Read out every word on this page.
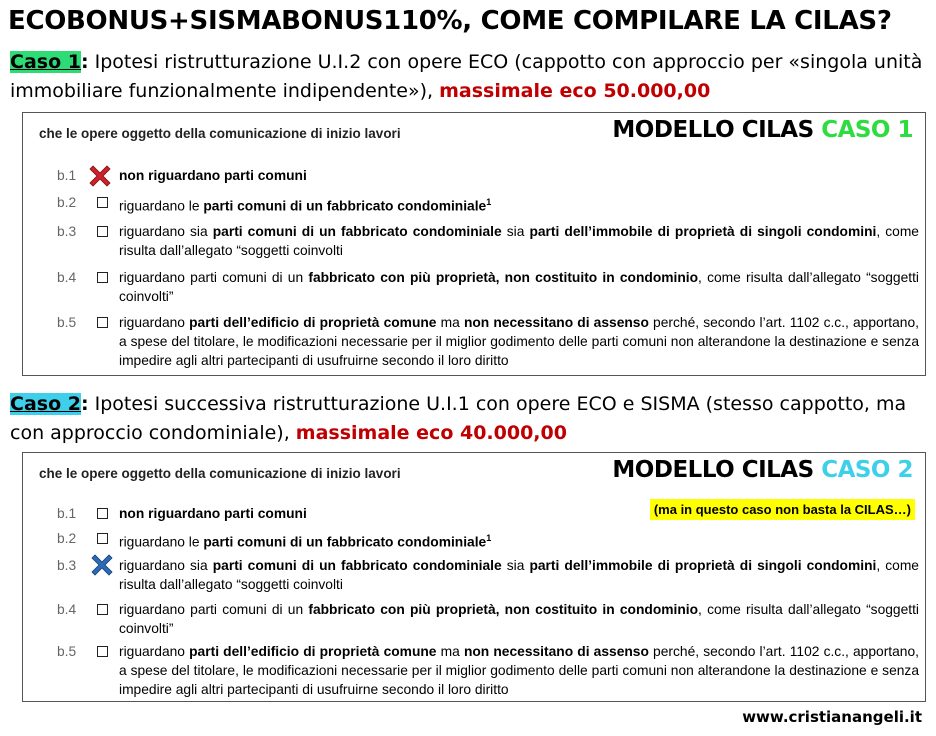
ECOBONUS+SISMABONUS110%, COME COMPILARE LA CILAS?
Caso 1: Ipotesi ristrutturazione U.I.2 con opere ECO (cappotto con approccio per «singola unità immobiliare funzionalmente indipendente»), massimale eco 50.000,00
che le opere oggetto della comunicazione di inizio lavori	MODELLO CILAS CASO 1
b.1	non riguardano parti comuni
b.2	riguardano le parti comuni di un fabbricato condominiale$^1$
b.3	riguardano sia parti comuni di un fabbricato condominiale sia parti dell’immobile di proprietà di singoli condomini, come risulta dall’allegato “soggetti coinvolti
b.4	riguardano parti comuni di un fabbricato con più proprietà, non costituito in condominio, come risulta dall’allegato “soggetti coinvolti”
b.5	riguardano parti dell’edificio di proprietà comune ma non necessitano di assenso perché, secondo l’art. 1102 c.c., apportano, a spese del titolare, le modificazioni necessarie per il miglior godimento delle parti comuni non alterandone la destinazione e senza impedire agli altri partecipanti di usufruirne secondo il loro diritto
Caso 2: Ipotesi successiva ristrutturazione U.I.1 con opere ECO e SISMA (stesso cappotto, ma con approccio condominiale), massimale eco 40.000,00
che le opere oggetto della comunicazione di inizio lavori	MODELLO CILAS CASO 2
(ma in questo caso non basta la CILAS…)
b.1	non riguardano parti comuni
b.2	riguardano le parti comuni di un fabbricato condominiale$^1$
b.3	riguardano sia parti comuni di un fabbricato condominiale sia parti dell’immobile di proprietà di singoli condomini, come risulta dall’allegato “soggetti coinvolti
b.4	riguardano parti comuni di un fabbricato con più proprietà, non costituito in condominio, come risulta dall’allegato “soggetti coinvolti”
b.5	riguardano parti dell’edificio di proprietà comune ma non necessitano di assenso perché, secondo l’art. 1102 c.c., apportano, a spese del titolare, le modificazioni necessarie per il miglior godimento delle parti comuni non alterandone la destinazione e senza impedire agli altri partecipanti di usufruirne secondo il loro diritto
www.cristianangeli.it
